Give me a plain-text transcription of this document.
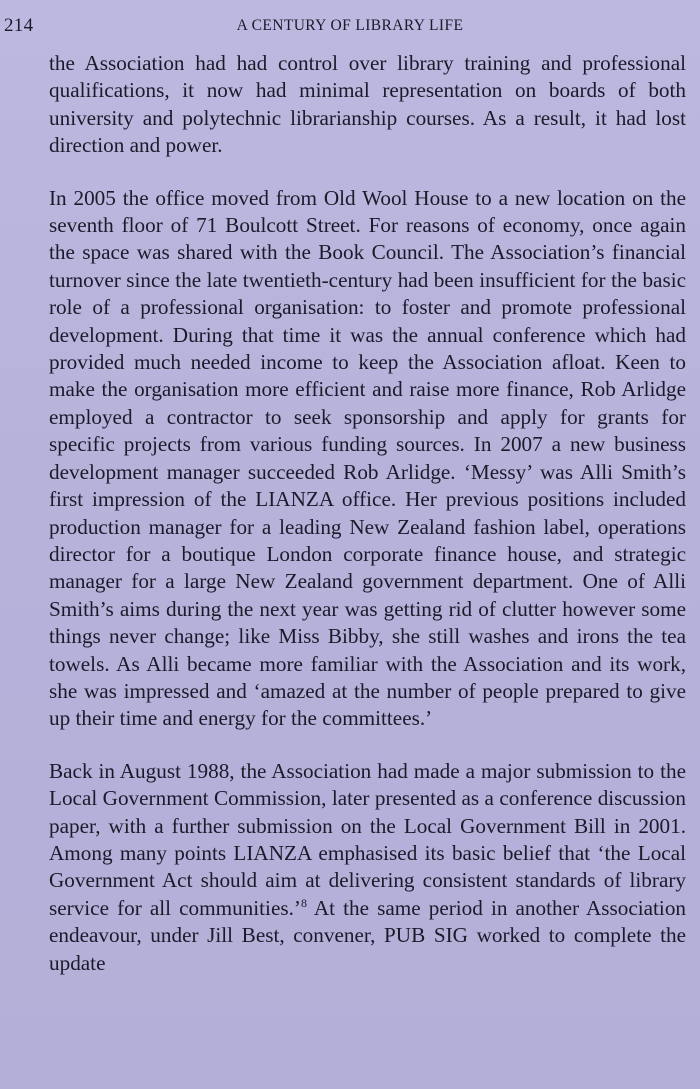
214	A CENTURY OF LIBRARY LIFE

the Association had had control over library training and professional qualifications, it now had minimal representation on boards of both university and polytechnic librarianship courses. As a result, it had lost direction and power.

In 2005 the office moved from Old Wool House to a new location on the seventh floor of 71 Boulcott Street. For reasons of economy, once again the space was shared with the Book Council. The Association’s financial turnover since the late twentieth-century had been insufficient for the basic role of a professional organisation: to foster and promote professional development. During that time it was the annual conference which had provided much needed income to keep the Association afloat. Keen to make the organisation more efficient and raise more finance, Rob Arlidge employed a contractor to seek sponsorship and apply for grants for specific projects from various funding sources. In 2007 a new business development manager succeeded Rob Arlidge. ‘Messy’ was Alli Smith’s first impression of the LIANZA office. Her previous positions included production manager for a leading New Zealand fashion label, operations director for a boutique London corporate finance house, and strategic manager for a large New Zealand government department. One of Alli Smith’s aims during the next year was getting rid of clutter however some things never change; like Miss Bibby, she still washes and irons the tea towels. As Alli became more familiar with the Association and its work, she was impressed and ‘amazed at the number of people prepared to give up their time and energy for the committees.’

Back in August 1988, the Association had made a major submission to the Local Government Commission, later presented as a conference discussion paper, with a further submission on the Local Government Bill in 2001. Among many points LIANZA emphasised its basic belief that ‘the Local Government Act should aim at delivering consistent standards of library service for all communities.’$^8$ At the same period in another Association endeavour, under Jill Best, convener, PUB SIG worked to complete the update
